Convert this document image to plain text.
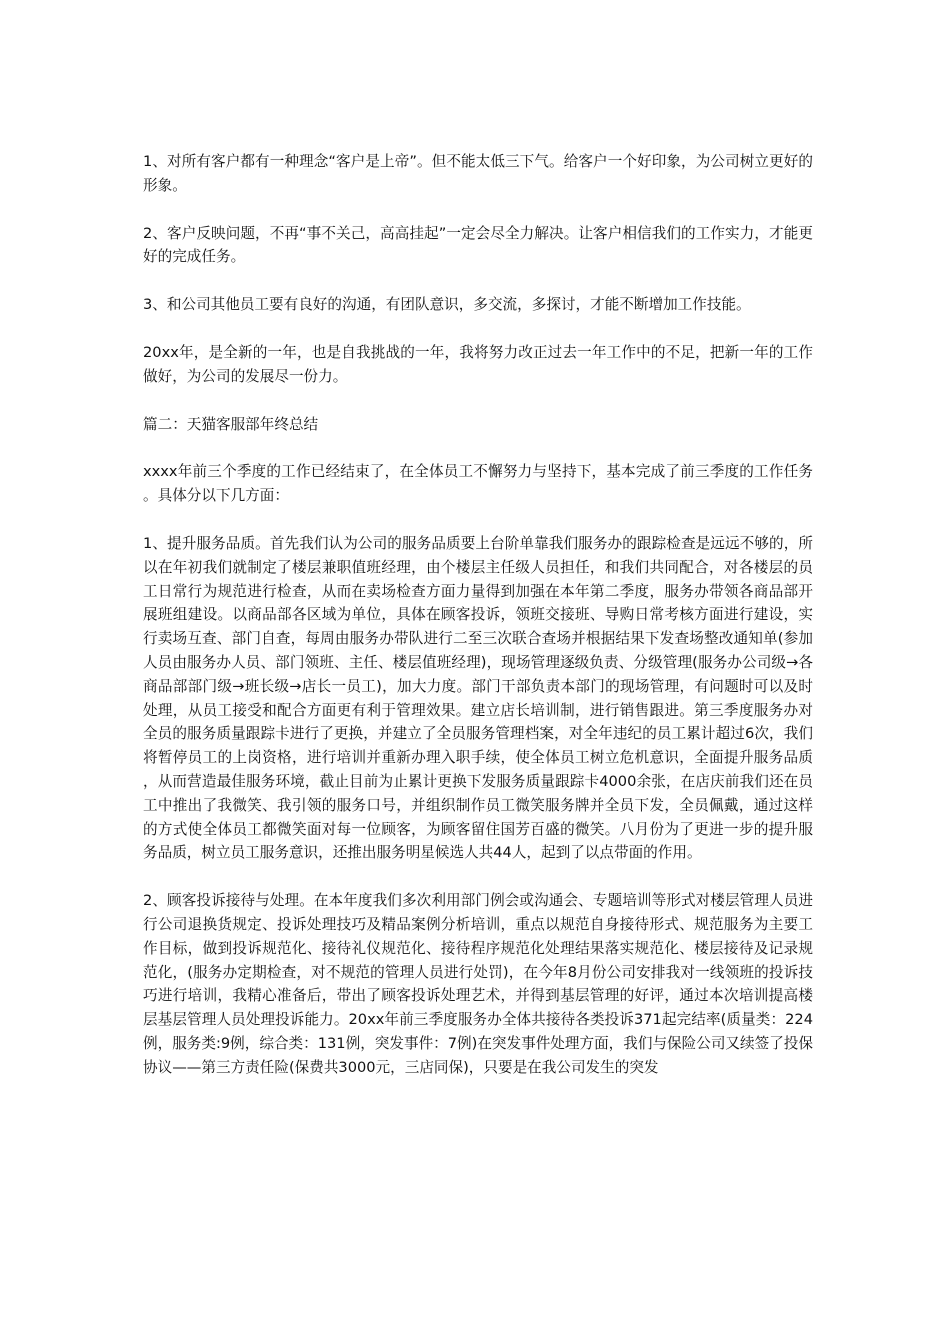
1、对所有客户都有一种理念“客户是上帝”。但不能太低三下气。给客户一个好印象，为公司树立更好的形象。

2、客户反映问题，不再“事不关己，高高挂起”一定会尽全力解决。让客户相信我们的工作实力，才能更好的完成任务。

3、和公司其他员工要有良好的沟通，有团队意识，多交流，多探讨，才能不断增加工作技能。

20xx年，是全新的一年，也是自我挑战的一年，我将努力改正过去一年工作中的不足，把新一年的工作做好，为公司的发展尽一份力。

篇二：天猫客服部年终总结

xxxx年前三个季度的工作已经结束了，在全体员工不懈努力与坚持下，基本完成了前三季度的工作任务。具体分以下几方面：

1、提升服务品质。首先我们认为公司的服务品质要上台阶单靠我们服务办的跟踪检查是远远不够的，所以在年初我们就制定了楼层兼职值班经理，由个楼层主任级人员担任，和我们共同配合，对各楼层的员工日常行为规范进行检查，从而在卖场检查方面力量得到加强在本年第二季度，服务办带领各商品部开展班组建设。以商品部各区域为单位，具体在顾客投诉，领班交接班、导购日常考核方面进行建设，实行卖场互查、部门自查，每周由服务办带队进行二至三次联合查场并根据结果下发查场整改通知单(参加人员由服务办人员、部门领班、主任、楼层值班经理)，现场管理逐级负责、分级管理(服务办公司级→各商品部部门级→班长级→店长一员工)，加大力度。部门干部负责本部门的现场管理，有问题时可以及时处理，从员工接受和配合方面更有利于管理效果。建立店长培训制，进行销售跟进。第三季度服务办对全员的服务质量跟踪卡进行了更换，并建立了全员服务管理档案，对全年违纪的员工累计超过6次，我们将暂停员工的上岗资格，进行培训并重新办理入职手续，使全体员工树立危机意识，全面提升服务品质，从而营造最佳服务环境，截止目前为止累计更换下发服务质量跟踪卡4000余张，在店庆前我们还在员工中推出了我微笑、我引领的服务口号，并组织制作员工微笑服务牌并全员下发，全员佩戴，通过这样的方式使全体员工都微笑面对每一位顾客，为顾客留住国芳百盛的微笑。八月份为了更进一步的提升服务品质，树立员工服务意识，还推出服务明星候选人共44人，起到了以点带面的作用。

2、顾客投诉接待与处理。在本年度我们多次利用部门例会或沟通会、专题培训等形式对楼层管理人员进行公司退换货规定、投诉处理技巧及精品案例分析培训，重点以规范自身接待形式、规范服务为主要工作目标，做到投诉规范化、接待礼仪规范化、接待程序规范化处理结果落实规范化、楼层接待及记录规范化，(服务办定期检查，对不规范的管理人员进行处罚)，在今年8月份公司安排我对一线领班的投诉技巧进行培训，我精心准备后，带出了顾客投诉处理艺术，并得到基层管理的好评，通过本次培训提高楼层基层管理人员处理投诉能力。20xx年前三季度服务办全体共接待各类投诉371起完结率(质量类：224例，服务类:9例，综合类：131例，突发事件：7例)在突发事件处理方面，我们与保险公司又续签了投保协议——第三方责任险(保费共3000元，三店同保)，只要是在我公司发生的突发
